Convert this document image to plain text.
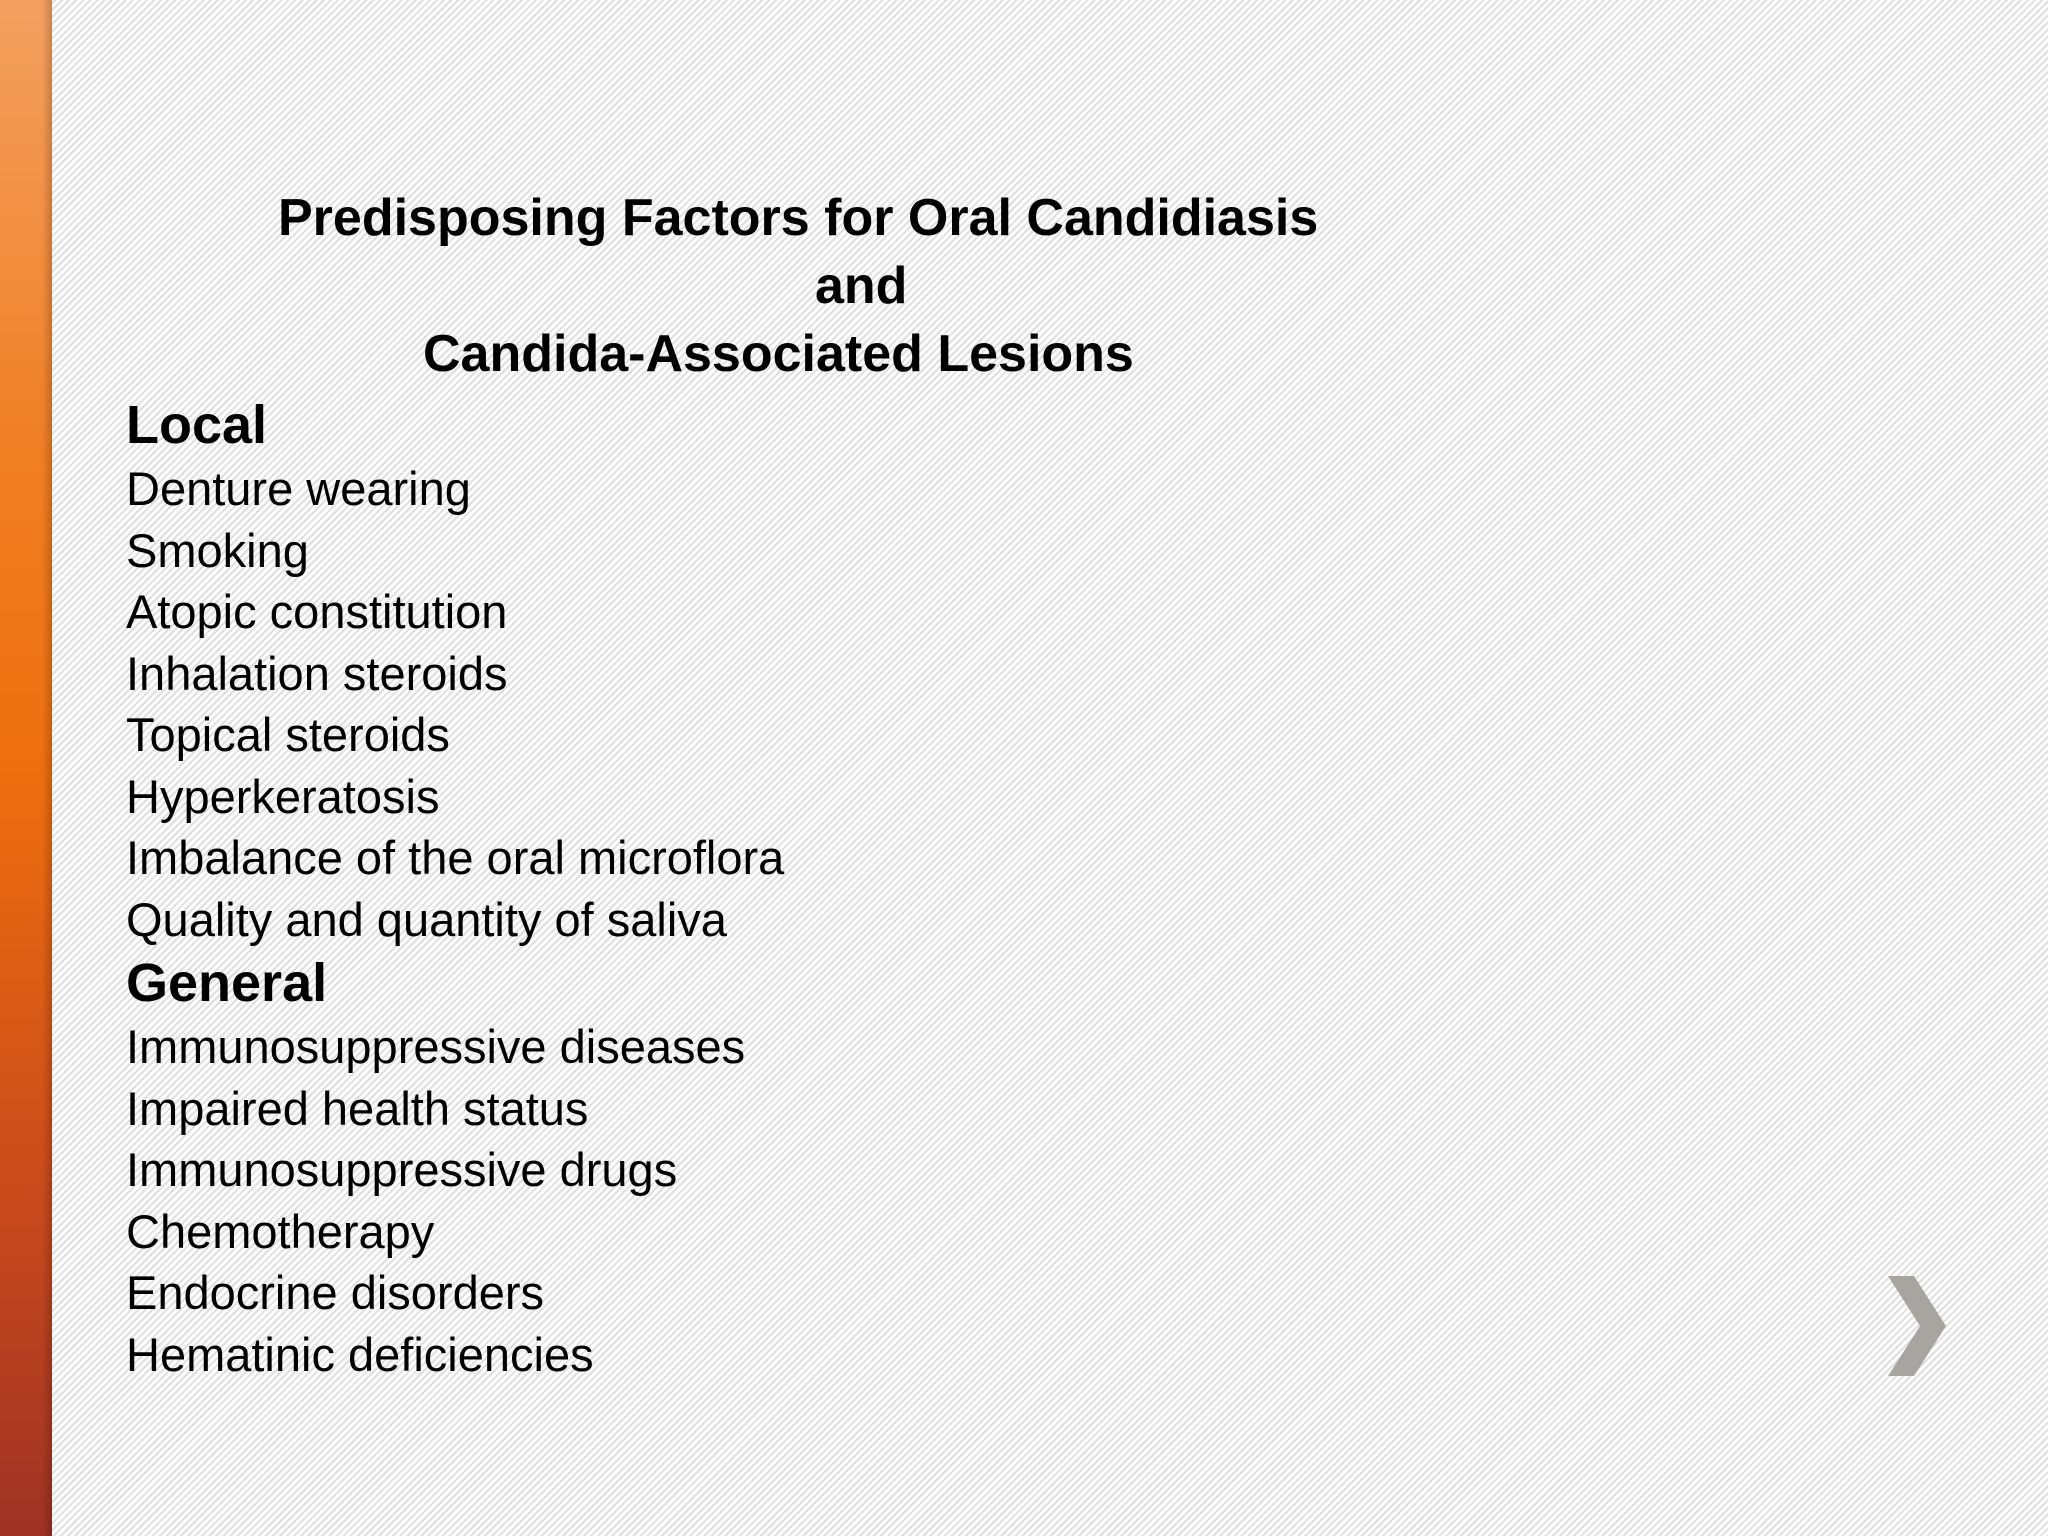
Predisposing Factors for Oral Candidiasis
and
Candida-Associated Lesions
Local
Denture wearing
Smoking
Atopic constitution
Inhalation steroids
Topical steroids
Hyperkeratosis
Imbalance of the oral microflora
Quality and quantity of saliva
General
Immunosuppressive diseases
Impaired health status
Immunosuppressive drugs
Chemotherapy
Endocrine disorders
Hematinic deficiencies
